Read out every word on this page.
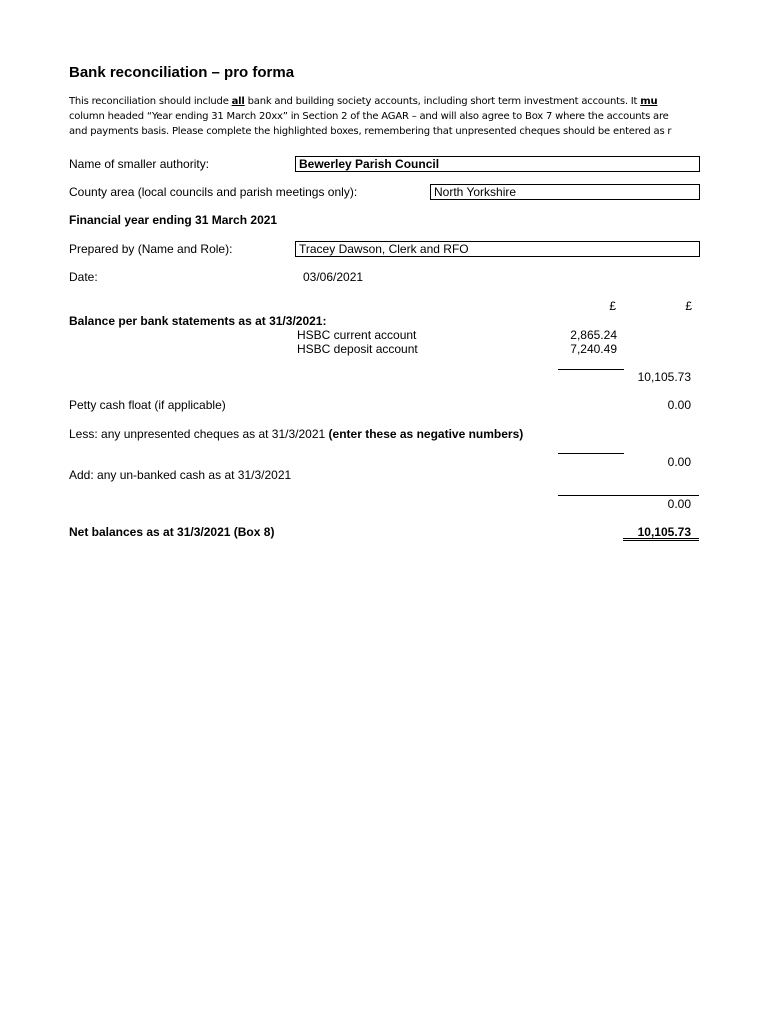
Bank reconciliation – pro forma
This reconciliation should include all bank and building society accounts, including short term investment accounts. It mu
column headed “Year ending 31 March 20xx” in Section 2 of the AGAR – and will also agree to Box 7 where the accounts are
and payments basis. Please complete the highlighted boxes, remembering that unpresented cheques should be entered as r
Name of smaller authority:	Bewerley Parish Council
County area (local councils and parish meetings only):	North Yorkshire
Financial year ending 31 March 2021
Prepared by (Name and Role):	Tracey Dawson, Clerk and RFO
Date:	03/06/2021
£	£
Balance per bank statements as at 31/3/2021:
HSBC current account	2,865.24
HSBC deposit account	7,240.49
10,105.73
Petty cash float (if applicable)	0.00
Less: any unpresented cheques as at 31/3/2021 (enter these as negative numbers)
0.00
Add: any un-banked cash as at 31/3/2021
0.00
Net balances as at 31/3/2021 (Box 8)	10,105.73
